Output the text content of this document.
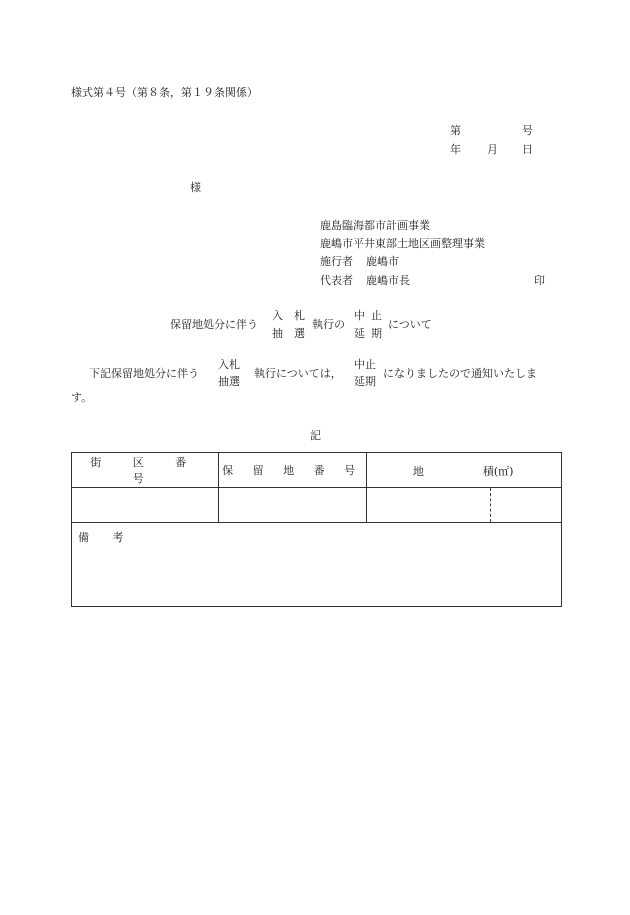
様式第４号（第８条，第１９条関係）
第	号
年 月 日
様
鹿島臨海都市計画事業
鹿嶋市平井東部土地区画整理事業
施行者 鹿嶋市
代表者 鹿嶋市長	印
保留地処分に伴う
入 札
抽 選
執行の
中 止
延 期
について
下記保留地処分に伴う
入札
抽選
執行については，
中止
延期
になりましたので通知いたしま
す。
記
街 区 番 号	保 留 地 番 号	地 積(㎡)

備 考		
